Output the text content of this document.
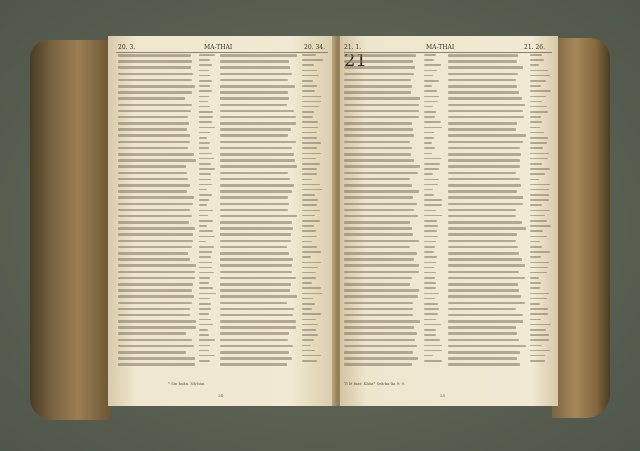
20. 3.	MA-THAI	20. 34.
* Sin-koân. Nâ-bán
24
21. 1.	MA-THAI	21. 26.
Tï lé biat: Khòa* Sek-ka-lia 9: 9.
25
